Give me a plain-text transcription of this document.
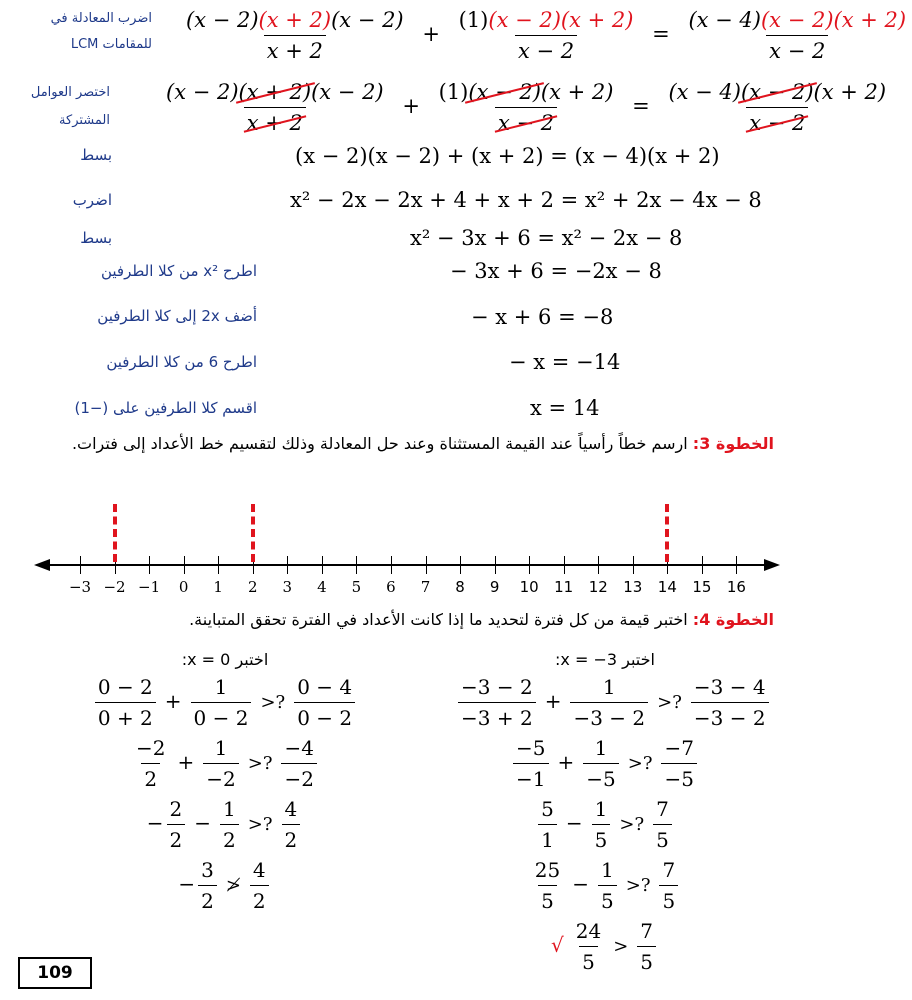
اضرب المعادلة في
للمقامات LCM $\frac{(x - 2)(x + 2)(x - 2)}{x + 2} + \frac{(1)(x - 2)(x + 2)}{x - 2} = \frac{(x - 4)(x - 2)(x + 2)}{x - 2}$
اختصر العوامل
المشتركة	$\frac{(x - 2)(x + 2)(x - 2)}{x + 2} + \frac{(1)(x - 2)(x + 2)}{x - 2} = \frac{(x - 4)(x - 2)(x + 2)}{x - 2}$
بسط	(x − 2)(x − 2) + (x + 2) = (x − 4)(x + 2)
اضرب	x² − 2x − 2x + 4 + x + 2 = x² + 2x − 4x − 8
بسط	x² − 3x + 6 = x² − 2x − 8
اطرح x² من كلا الطرفين	− 3x + 6 = −2x − 8
أضف 2x إلى كلا الطرفين	− x + 6 = −8
اطرح 6 من كلا الطرفين	− x = −14
اقسم كلا الطرفين على (−1)	x = 14
الخطوة 3: ارسم خطاً رأسياً عند القيمة المستثناة وعند حل المعادلة وذلك لتقسيم خط الأعداد إلى فترات.
−3 −2 −1	0	1	2	3	4	5	6	7	8	9	10	11	12	13	14	15	16
الخطوة 4: اختبر قيمة من كل فترة لتحديد ما إذا كانت الأعداد في الفترة تحقق المتباينة.
اختبر x = 0:
$\frac{0 - 2}{0 + 2} + \frac{1}{0 - 2}$ >? $\frac{0 - 4}{0 - 2}$
$\frac{-2}{2} + \frac{1}{-2}$ >? $\frac{-4}{-2}$
− $\frac{2}{2} - \frac{1}{2}$ >? $\frac{4}{2}$
− $\frac{3}{2}$ ≯ $\frac{4}{2}$
اختبر x = −3:
$\frac{-3 - 2}{-3 + 2} + \frac{1}{-3 - 2}$ >? $\frac{-3 - 4}{-3 - 2}$
$\frac{-5}{-1} + \frac{1}{-5}$ >? $\frac{-7}{-5}$
$\frac{5}{1} - \frac{1}{5}$ >? $\frac{7}{5}$
$\frac{25}{5} - \frac{1}{5}$ >? $\frac{7}{5}$
√ $\frac{24}{5} > \frac{7}{5}$
109
